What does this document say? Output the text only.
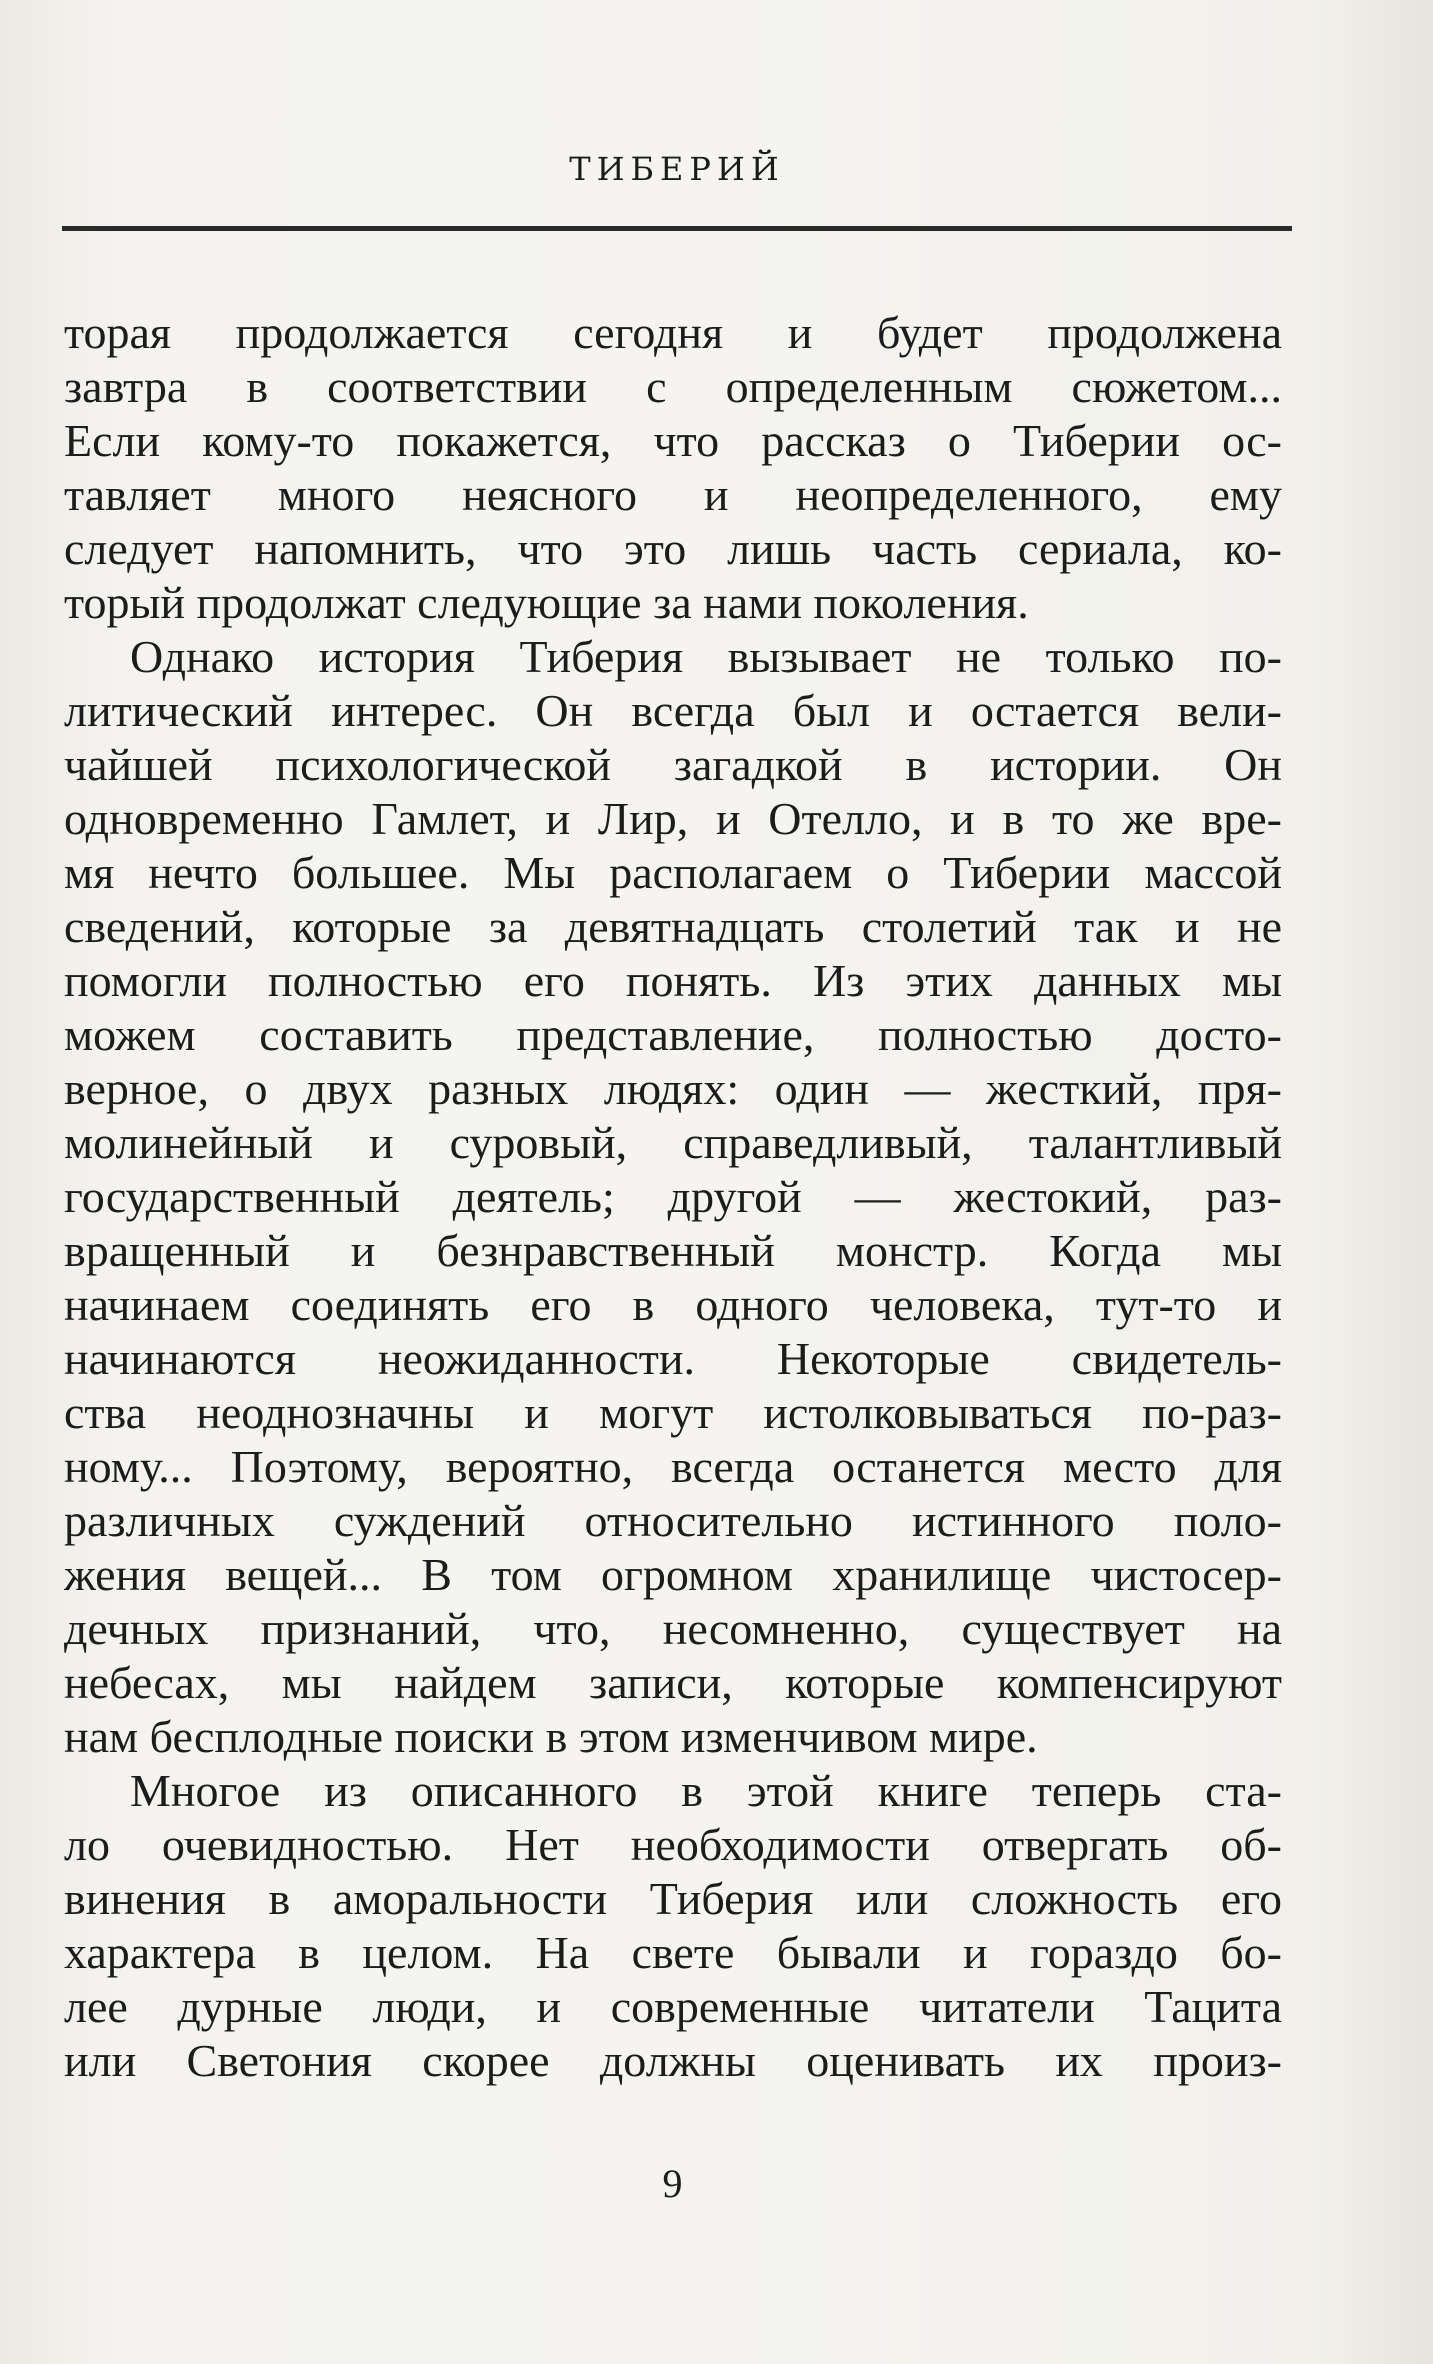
ТИБЕРИЙ
торая продолжается сегодня и будет продолжена
завтра в соответствии с определенным сюжетом...
Если кому-то покажется, что рассказ о Тиберии ос-
тавляет много неясного и неопределенного, ему
следует напомнить, что это лишь часть сериала, ко-
торый продолжат следующие за нами поколения.
Однако история Тиберия вызывает не только по-
литический интерес. Он всегда был и остается вели-
чайшей психологической загадкой в истории. Он
одновременно Гамлет, и Лир, и Отелло, и в то же вре-
мя нечто большее. Мы располагаем о Тиберии массой
сведений, которые за девятнадцать столетий так и не
помогли полностью его понять. Из этих данных мы
можем составить представление, полностью досто-
верное, о двух разных людях: один — жесткий, пря-
молинейный и суровый, справедливый, талантливый
государственный деятель; другой — жестокий, раз-
вращенный и безнравственный монстр. Когда мы
начинаем соединять его в одного человека, тут-то и
начинаются неожиданности. Некоторые свидетель-
ства неоднозначны и могут истолковываться по-раз-
ному... Поэтому, вероятно, всегда останется место для
различных суждений относительно истинного поло-
жения вещей... В том огромном хранилище чистосер-
дечных признаний, что, несомненно, существует на
небесах, мы найдем записи, которые компенсируют
нам бесплодные поиски в этом изменчивом мире.
Многое из описанного в этой книге теперь ста-
ло очевидностью. Нет необходимости отвергать об-
винения в аморальности Тиберия или сложность его
характера в целом. На свете бывали и гораздо бо-
лее дурные люди, и современные читатели Тацита
или Светония скорее должны оценивать их произ-
9
